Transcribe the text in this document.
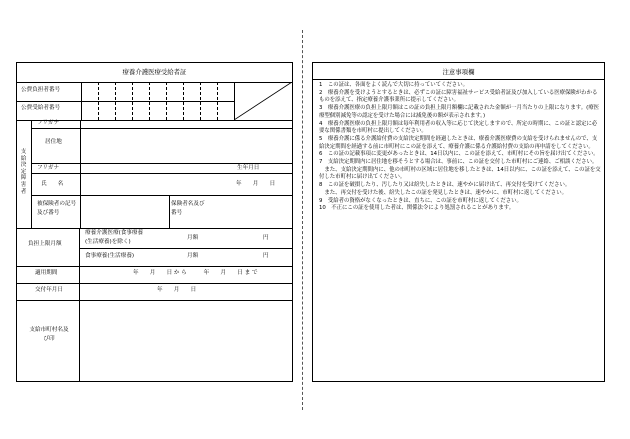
療養介護医療受給者証
公費負担者番号
公費受給者番号
支給決定障害者
フリガナ
居住地
フリガナ	生年月日
氏　　名	年　　月　　日
被保険者の記号及び番号
保険者名及び番号
負担上限月額
療養介護医療(食事療養(生活療養)を除く)
月額	円
食事療養(生活療養)	月額	円
適用期間	年　　月　　日 か ら　　　年　　月　　日 ま で
交付年月日	年　　月　　日
支給市町村名及び印
注意事項欄
1　この証は、各面をよく読んで大切に持っていてください。
2　療養介護を受けようとするときは、必ずこの証に障害福祉サービス受給者証及び加入している医療保険がわかるものを添えて、指定療養介護事業所に提示してください。
3　療養介護医療の負担上限月額はこの証の負担上限月額欄に記載された金額が一月当たりの上限になります。(療医療型個別減免等の認定を受けた場合には減免後の額が表示されます。)
4　療養介護医療の負担上限月額は毎年利用者の収入等に応じて決定しますので、所定の時期に、この証と認定に必要な関係書類を市町村に提出してください。
5　療養介護に係る介護給付費の支給決定期間を経過したときは、療養介護医療費の支給を受けられませんので、支給決定期間を経過する前に市町村にこの証を添えて、療養介護に係る介護給付費の支給の再申請をしてください。
6　この証の記載事項に変更があったときは、14日以内に、この証を添えて、市町村にその旨を届け出てください。
7　支給決定期間内に居住地を移そうとする場合は、事前に、この証を交付した市町村にご連絡、ご相談ください。
　また、支給決定期間内に、他の市町村の区域に居住地を移したときは、14日以内に、この証を添えて、この証を交付した市町村に届け出てください。
8　この証を破損したり、汚したり又は紛失したときは、速やかに届け出て、再交付を受けてください。
　また、再交付を受けた後、紛失したこの証を発見したときは、速やかに、市町村に返してください。
9　受給者の資格がなくなったときは、直ちに、この証を市町村に返してください。
10　不正にこの証を使用した者は、関係法令により処罰されることがあります。
